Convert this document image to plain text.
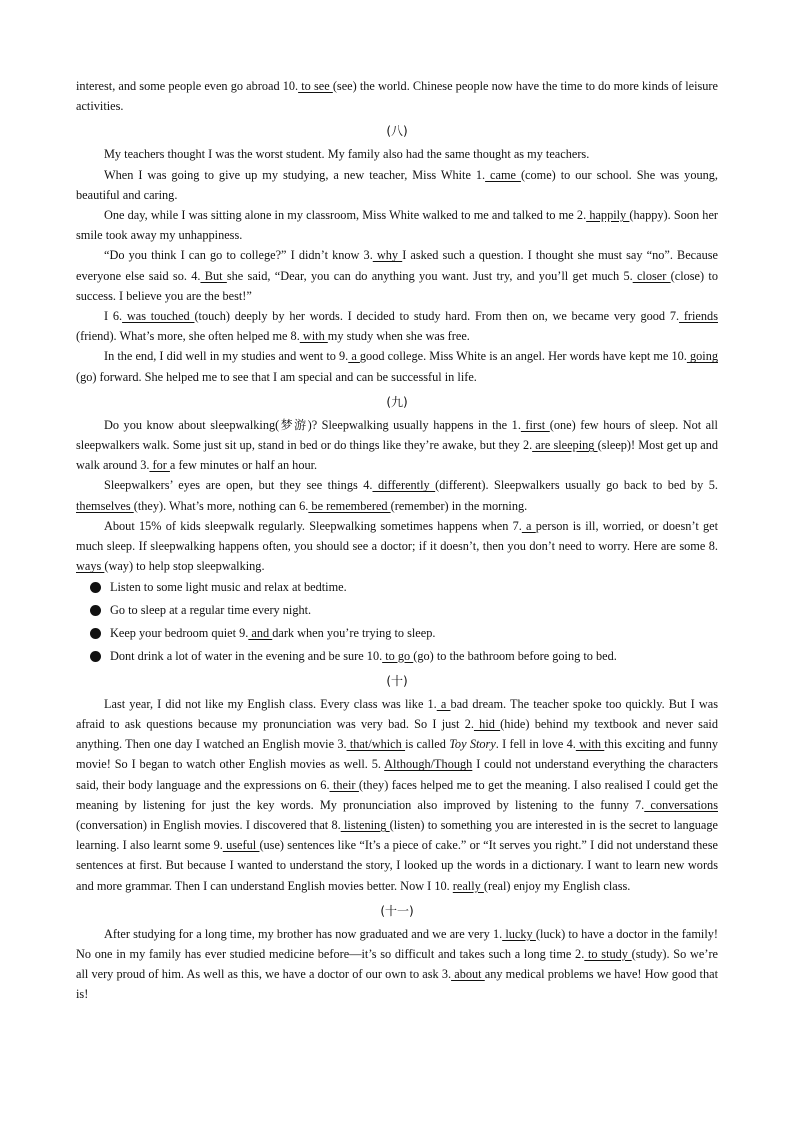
interest, and some people even go abroad 10. to see (see) the world. Chinese people now have the time to do more kinds of leisure activities.

(八)

My teachers thought I was the worst student. My family also had the same thought as my teachers.

When I was going to give up my studying, a new teacher, Miss White 1. came (come) to our school. She was young, beautiful and caring.

One day, while I was sitting alone in my classroom, Miss White walked to me and talked to me 2. happily (happy). Soon her smile took away my unhappiness.

“Do you think I can go to college?” I didn’t know 3. why I asked such a question. I thought she must say “no”. Because everyone else said so. 4. But she said, “Dear, you can do anything you want. Just try, and you’ll get much 5. closer (close) to success. I believe you are the best!”

I 6. was touched (touch) deeply by her words. I decided to study hard. From then on, we became very good 7. friends (friend). What’s more, she often helped me 8. with my study when she was free.

In the end, I did well in my studies and went to 9. a good college. Miss White is an angel. Her words have kept me 10. going (go) forward. She helped me to see that I am special and can be successful in life.

(九)

Do you know about sleepwalking(梦游)? Sleepwalking usually happens in the 1. first (one) few hours of sleep. Not all sleepwalkers walk. Some just sit up, stand in bed or do things like they’re awake, but they 2. are sleeping (sleep)! Most get up and walk around 3. for a few minutes or half an hour.

Sleepwalkers’ eyes are open, but they see things 4. differently (different). Sleepwalkers usually go back to bed by 5. themselves (they). What’s more, nothing can 6. be remembered (remember) in the morning.

About 15% of kids sleepwalk regularly. Sleepwalking sometimes happens when 7. a person is ill, worried, or doesn’t get much sleep. If sleepwalking happens often, you should see a doctor; if it doesn’t, then you don’t need to worry. Here are some 8. ways (way) to help stop sleepwalking.

Listen to some light music and relax at bedtime.
Go to sleep at a regular time every night.
Keep your bedroom quiet 9. and dark when you’re trying to sleep.
Dont drink a lot of water in the evening and be sure 10. to go (go) to the bathroom before going to bed.
(十)

Last year, I did not like my English class. Every class was like 1. a bad dream. The teacher spoke too quickly. But I was afraid to ask questions because my pronunciation was very bad. So I just 2. hid (hide) behind my textbook and never said anything. Then one day I watched an English movie 3. that/which is called Toy Story. I fell in love 4. with this exciting and funny movie! So I began to watch other English movies as well. 5. Although/Though I could not understand everything the characters said, their body language and the expressions on 6. their (they) faces helped me to get the meaning. I also realised I could get the meaning by listening for just the key words. My pronunciation also improved by listening to the funny 7. conversations (conversation) in English movies. I discovered that 8. listening (listen) to something you are interested in is the secret to language learning. I also learnt some 9. useful (use) sentences like “It’s a piece of cake.” or “It serves you right.” I did not understand these sentences at first. But because I wanted to understand the story, I looked up the words in a dictionary. I want to learn new words and more grammar. Then I can understand English movies better. Now I 10. really (real) enjoy my English class.

(十一)

After studying for a long time, my brother has now graduated and we are very 1. lucky (luck) to have a doctor in the family! No one in my family has ever studied medicine before—it’s so difficult and takes such a long time 2. to study (study). So we’re all very proud of him. As well as this, we have a doctor of our own to ask 3. about any medical problems we have! How good that is!
